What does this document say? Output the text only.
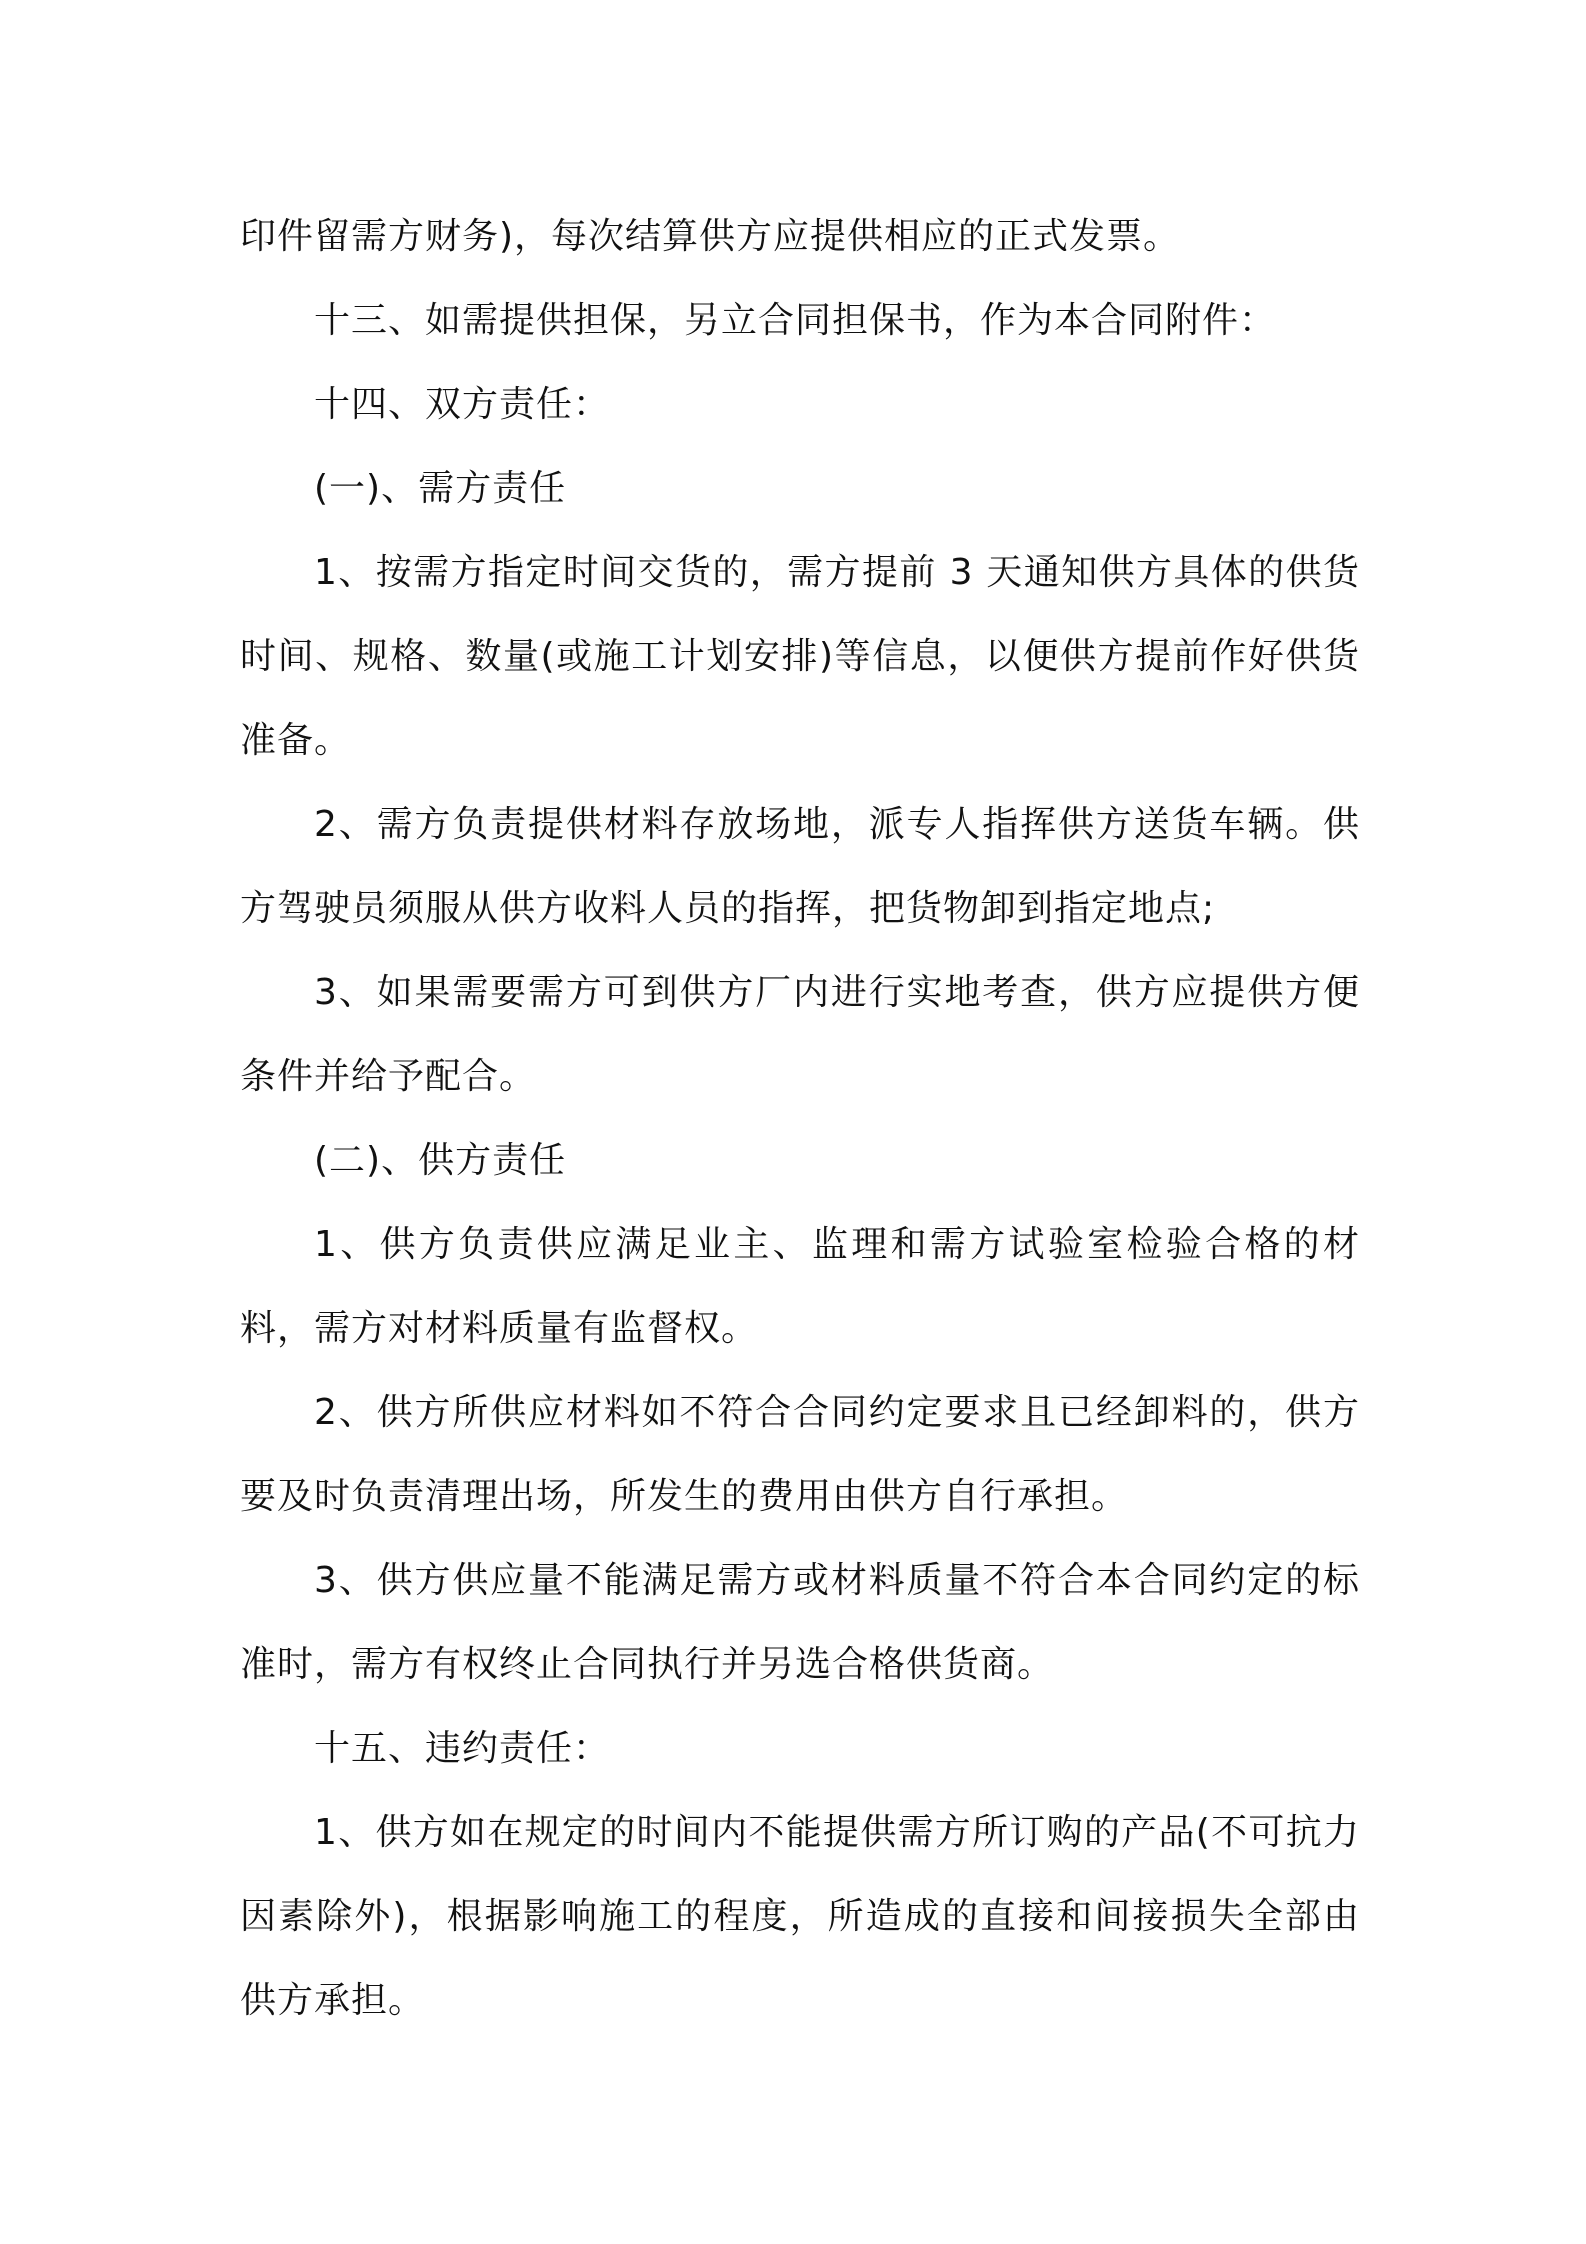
印件留需方财务)，每次结算供方应提供相应的正式发票。

十三、如需提供担保，另立合同担保书，作为本合同附件：

十四、双方责任：

(一)、需方责任

1、按需方指定时间交货的，需方提前 3 天通知供方具体的供货时间、规格、数量(或施工计划安排)等信息，以便供方提前作好供货准备。

2、需方负责提供材料存放场地，派专人指挥供方送货车辆。供方驾驶员须服从供方收料人员的指挥，把货物卸到指定地点;

3、如果需要需方可到供方厂内进行实地考查，供方应提供方便条件并给予配合。

(二)、供方责任

1、供方负责供应满足业主、监理和需方试验室检验合格的材料，需方对材料质量有监督权。

2、供方所供应材料如不符合合同约定要求且已经卸料的，供方要及时负责清理出场，所发生的费用由供方自行承担。

3、供方供应量不能满足需方或材料质量不符合本合同约定的标准时，需方有权终止合同执行并另选合格供货商。

十五、违约责任：

1、供方如在规定的时间内不能提供需方所订购的产品(不可抗力因素除外)，根据影响施工的程度，所造成的直接和间接损失全部由供方承担。
